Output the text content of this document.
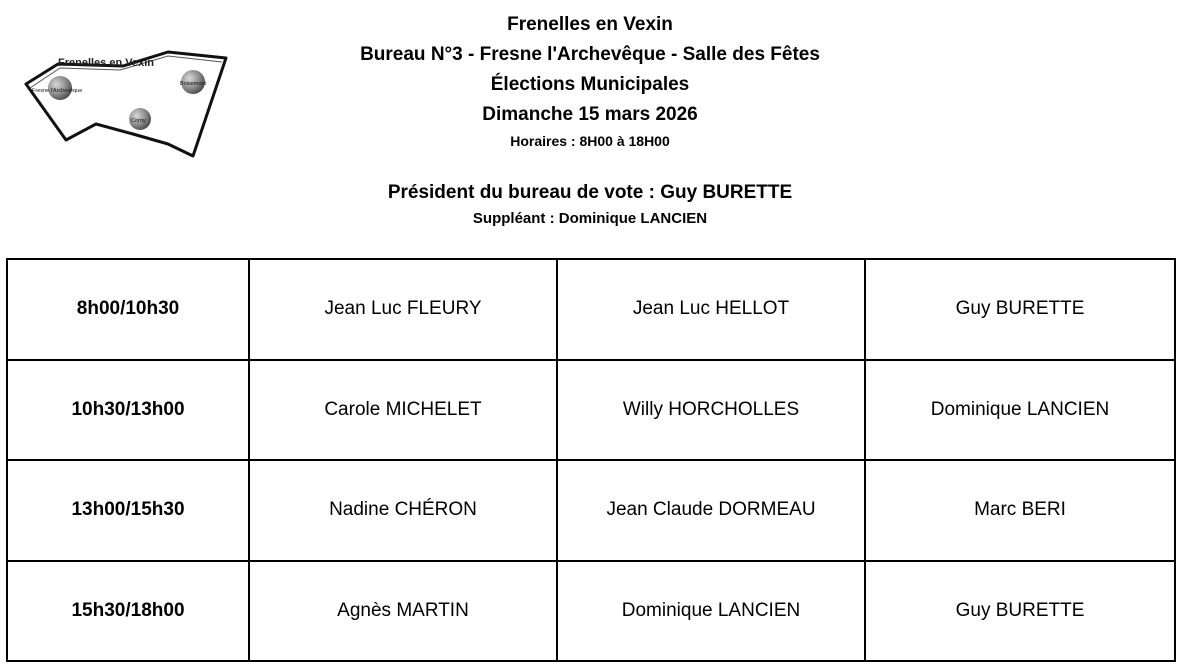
Frenelles en Vexin
Fresne l'Archevêque
Corny
Boisemont
Frenelles en Vexin
Bureau N°3 - Fresne l'Archevêque - Salle des Fêtes
Élections Municipales
Dimanche 15 mars 2026
Horaires : 8H00 à 18H00
Président du bureau de vote : Guy BURETTE
Suppléant : Dominique LANCIEN
8h00/10h30	Jean Luc FLEURY	Jean Luc HELLOT	Guy BURETTE
10h30/13h00	Carole MICHELET	Willy HORCHOLLES	Dominique LANCIEN
13h00/15h30	Nadine CHÉRON	Jean Claude DORMEAU	Marc BERI
15h30/18h00	Agnès MARTIN	Dominique LANCIEN	Guy BURETTE
